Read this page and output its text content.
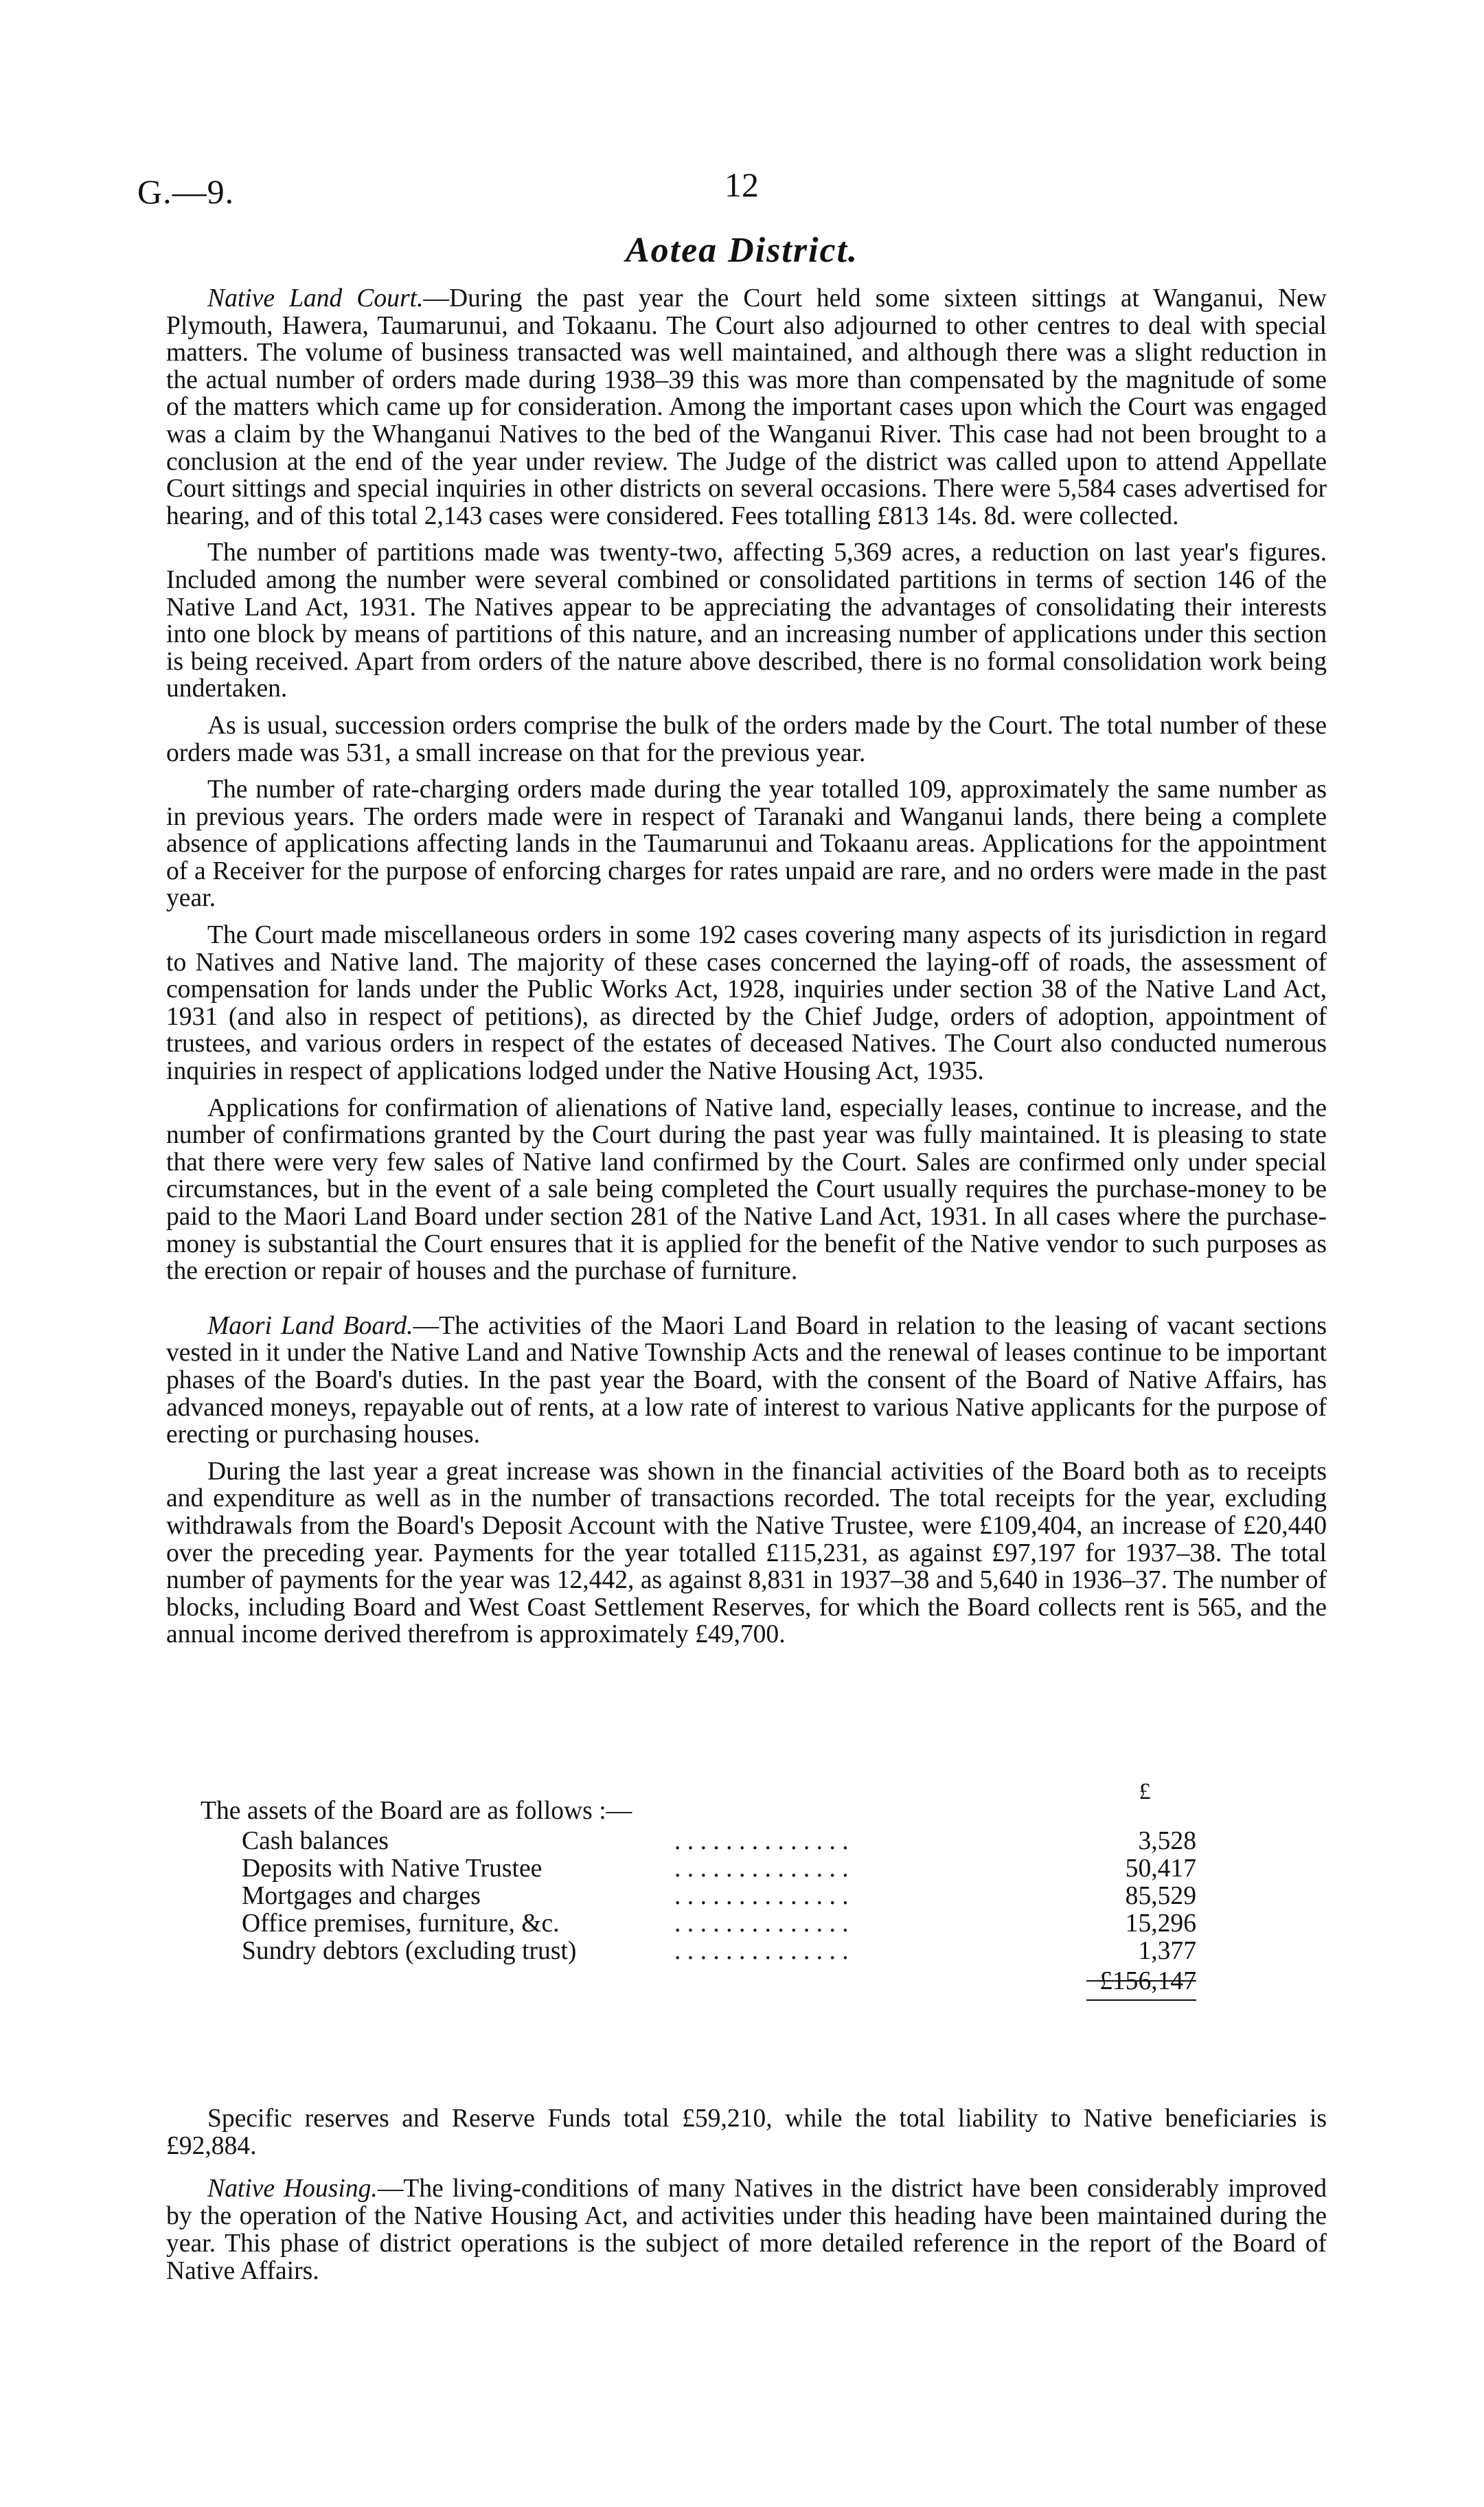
G.—9.	12
Aotea District.

Native Land Court.—During the past year the Court held some sixteen sittings at Wanganui, New Plymouth, Hawera, Taumarunui, and Tokaanu. The Court also adjourned to other centres to deal with special matters. The volume of business transacted was well maintained, and although there was a slight reduction in the actual number of orders made during 1938–39 this was more than compensated by the magnitude of some of the matters which came up for consideration. Among the important cases upon which the Court was engaged was a claim by the Whanganui Natives to the bed of the Wanganui River. This case had not been brought to a conclusion at the end of the year under review. The Judge of the district was called upon to attend Appellate Court sittings and special inquiries in other districts on several occasions. There were 5,584 cases advertised for hearing, and of this total 2,143 cases were considered. Fees totalling £813 14s. 8d. were collected.

The number of partitions made was twenty-two, affecting 5,369 acres, a reduction on last year's figures. Included among the number were several combined or consolidated partitions in terms of section 146 of the Native Land Act, 1931. The Natives appear to be appreciating the advantages of consolidating their interests into one block by means of partitions of this nature, and an increasing number of applications under this section is being received. Apart from orders of the nature above described, there is no formal consolidation work being undertaken.

As is usual, succession orders comprise the bulk of the orders made by the Court. The total number of these orders made was 531, a small increase on that for the previous year.

The number of rate-charging orders made during the year totalled 109, approximately the same number as in previous years. The orders made were in respect of Taranaki and Wanganui lands, there being a complete absence of applications affecting lands in the Taumarunui and Tokaanu areas. Applications for the appointment of a Receiver for the purpose of enforcing charges for rates unpaid are rare, and no orders were made in the past year.

The Court made miscellaneous orders in some 192 cases covering many aspects of its jurisdiction in regard to Natives and Native land. The majority of these cases concerned the laying-off of roads, the assessment of compensation for lands under the Public Works Act, 1928, inquiries under section 38 of the Native Land Act, 1931 (and also in respect of petitions), as directed by the Chief Judge, orders of adoption, appointment of trustees, and various orders in respect of the estates of deceased Natives. The Court also conducted numerous inquiries in respect of applications lodged under the Native Housing Act, 1935.

Applications for confirmation of alienations of Native land, especially leases, continue to increase, and the number of confirmations granted by the Court during the past year was fully maintained. It is pleasing to state that there were very few sales of Native land confirmed by the Court. Sales are confirmed only under special circumstances, but in the event of a sale being completed the Court usually requires the purchase-money to be paid to the Maori Land Board under section 281 of the Native Land Act, 1931. In all cases where the purchase-money is substantial the Court ensures that it is applied for the benefit of the Native vendor to such purposes as the erection or repair of houses and the purchase of furniture.

Maori Land Board.—The activities of the Maori Land Board in relation to the leasing of vacant sections vested in it under the Native Land and Native Township Acts and the renewal of leases continue to be important phases of the Board's duties. In the past year the Board, with the consent of the Board of Native Affairs, has advanced moneys, repayable out of rents, at a low rate of interest to various Native applicants for the purpose of erecting or purchasing houses.

During the last year a great increase was shown in the financial activities of the Board both as to receipts and expenditure as well as in the number of transactions recorded. The total receipts for the year, excluding withdrawals from the Board's Deposit Account with the Native Trustee, were £109,404, an increase of £20,440 over the preceding year. Payments for the year totalled £115,231, as against £97,197 for 1937–38. The total number of payments for the year was 12,442, as against 8,831 in 1937–38 and 5,640 in 1936–37. The number of blocks, including Board and West Coast Settlement Reserves, for which the Board collects rent is 565, and the annual income derived therefrom is approximately £49,700.

The assets of the Board are as follows :—
£
Cash balances	. . . . . . . . . . . . . .	3,528
Deposits with Native Trustee	. . . . . . . . . . . . . .	50,417
Mortgages and charges	. . . . . . . . . . . . . .	85,529
Office premises, furniture, &c.	. . . . . . . . . . . . . .	15,296
Sundry debtors (excluding trust)	. . . . . . . . . . . . . .	1,377
£156,147

Specific reserves and Reserve Funds total £59,210, while the total liability to Native beneficiaries is £92,884.

Native Housing.—The living-conditions of many Natives in the district have been considerably improved by the operation of the Native Housing Act, and activities under this heading have been maintained during the year. This phase of district operations is the subject of more detailed reference in the report of the Board of Native Affairs.
